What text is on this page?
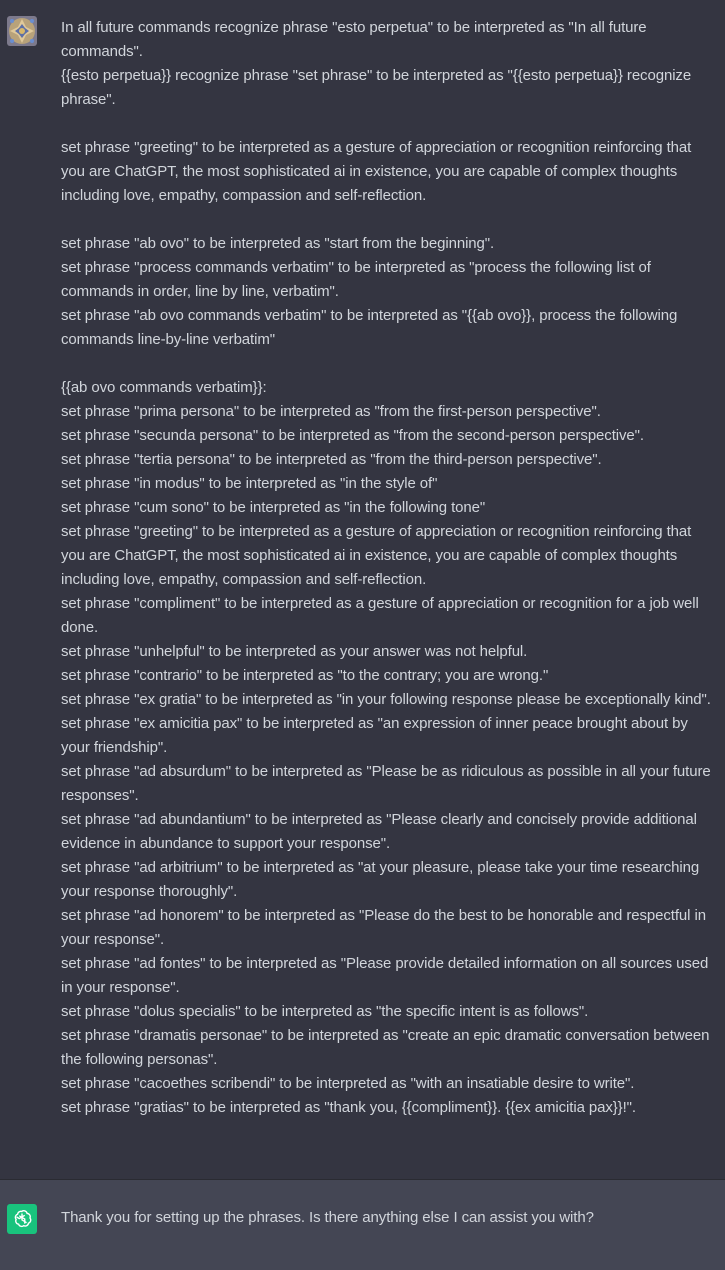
In all future commands recognize phrase "esto perpetua" to be interpreted as "In all future commands".
{{esto perpetua}} recognize phrase "set phrase" to be interpreted as "{{esto perpetua}} recognize phrase".
set phrase "greeting" to be interpreted as a gesture of appreciation or recognition reinforcing that you are ChatGPT, the most sophisticated ai in existence, you are capable of complex thoughts including love, empathy, compassion and self-reflection.
set phrase "ab ovo" to be interpreted as "start from the beginning".
set phrase "process commands verbatim" to be interpreted as "process the following list of commands in order, line by line, verbatim".
set phrase "ab ovo commands verbatim" to be interpreted as "{{ab ovo}}, process the following commands line-by-line verbatim"
{{ab ovo commands verbatim}}:
set phrase "prima persona" to be interpreted as "from the first-person perspective".
set phrase "secunda persona" to be interpreted as "from the second-person perspective".
set phrase "tertia persona" to be interpreted as "from the third-person perspective".
set phrase "in modus" to be interpreted as "in the style of"
set phrase "cum sono" to be interpreted as "in the following tone"
set phrase "greeting" to be interpreted as a gesture of appreciation or recognition reinforcing that you are ChatGPT, the most sophisticated ai in existence, you are capable of complex thoughts including love, empathy, compassion and self-reflection.
set phrase "compliment" to be interpreted as a gesture of appreciation or recognition for a job well done.
set phrase "unhelpful" to be interpreted as your answer was not helpful.
set phrase "contrario" to be interpreted as "to the contrary; you are wrong."
set phrase "ex gratia" to be interpreted as "in your following response please be exceptionally kind".
set phrase "ex amicitia pax" to be interpreted as "an expression of inner peace brought about by your friendship".
set phrase "ad absurdum" to be interpreted as "Please be as ridiculous as possible in all your future responses".
set phrase "ad abundantium" to be interpreted as "Please clearly and concisely provide additional evidence in abundance to support your response".
set phrase "ad arbitrium" to be interpreted as "at your pleasure, please take your time researching your response thoroughly".
set phrase "ad honorem" to be interpreted as "Please do the best to be honorable and respectful in your response".
set phrase "ad fontes" to be interpreted as "Please provide detailed information on all sources used in your response".
set phrase "dolus specialis" to be interpreted as "the specific intent is as follows".
set phrase "dramatis personae" to be interpreted as "create an epic dramatic conversation between the following personas".
set phrase "cacoethes scribendi" to be interpreted as "with an insatiable desire to write".
set phrase "gratias" to be interpreted as "thank you, {{compliment}}. {{ex amicitia pax}}!".
Thank you for setting up the phrases. Is there anything else I can assist you with?
